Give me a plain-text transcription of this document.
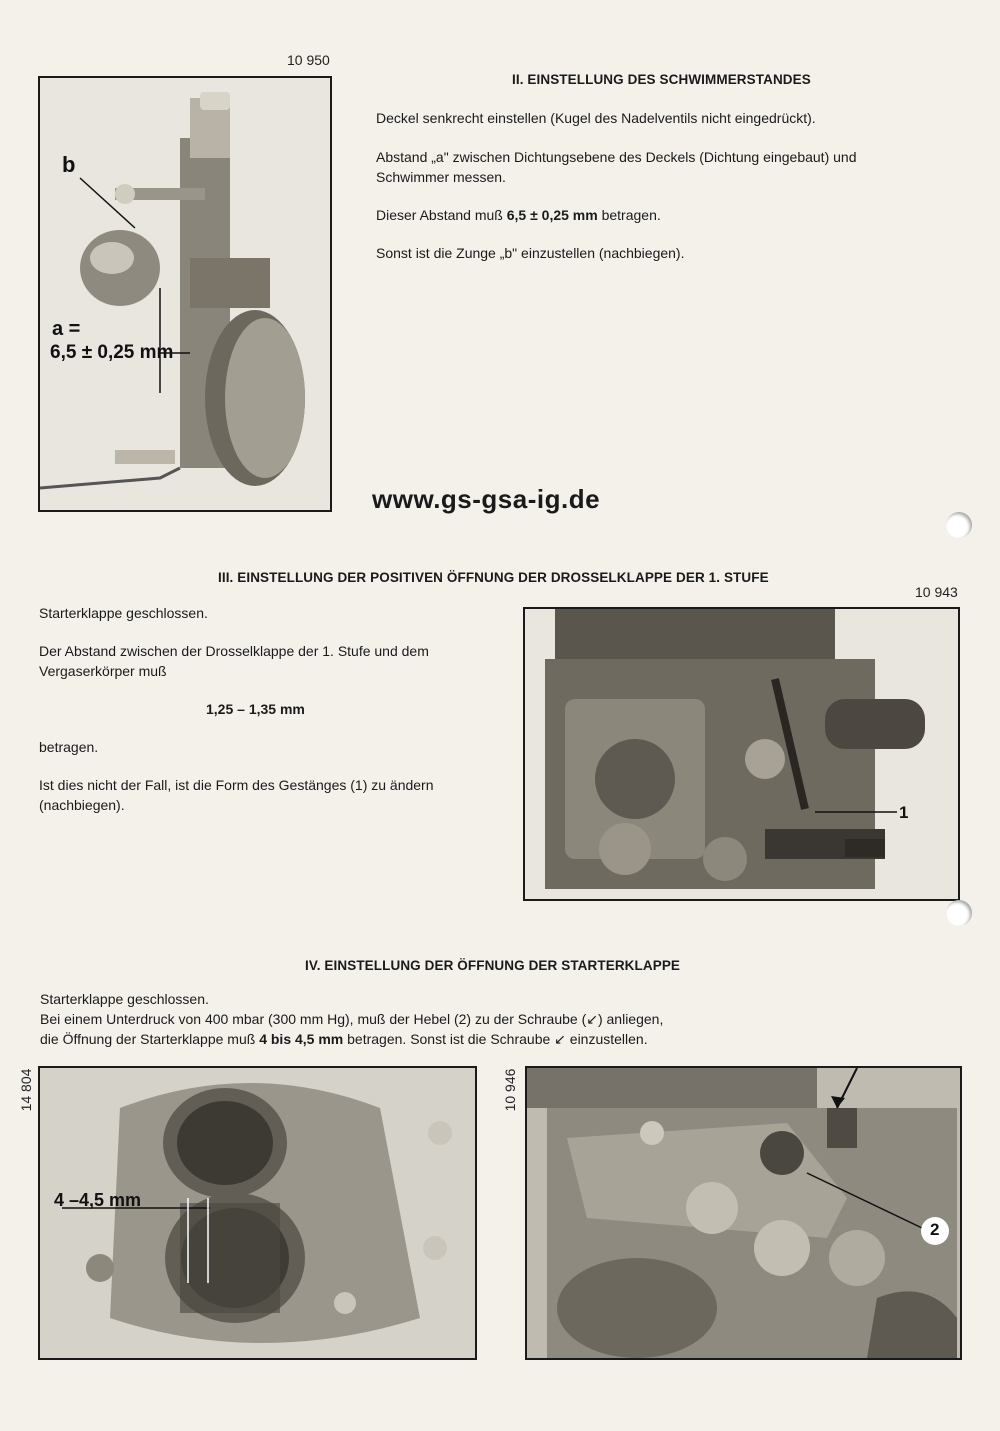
10 950
b
a =
6,5 ± 0,25 mm
II. EINSTELLUNG DES SCHWIMMERSTANDES

Deckel senkrecht einstellen (Kugel des Nadelventils nicht eingedrückt).

Abstand „a" zwischen Dichtungsebene des Deckels (Dichtung eingebaut) und Schwimmer messen.

Dieser Abstand muß 6,5 ± 0,25 mm betragen.

Sonst ist die Zunge „b" einzustellen (nachbiegen).

www.gs-gsa-ig.de
III. EINSTELLUNG DER POSITIVEN ÖFFNUNG DER DROSSELKLAPPE DER 1. STUFE
10 943

Starterklappe geschlossen.

Der Abstand zwischen der Drosselklappe der 1. Stufe und dem Vergaserkörper muß

1,25 – 1,35 mm

betragen.

Ist dies nicht der Fall, ist die Form des Gestänges (1) zu ändern (nachbiegen).	1
IV. EINSTELLUNG DER ÖFFNUNG DER STARTERKLAPPE

Starterklappe geschlossen.

Bei einem Unterdruck von 400 mbar (300 mm Hg), muß der Hebel (2) zu der Schraube (↙) anliegen,

die Öffnung der Starterklappe muß 4 bis 4,5 mm betragen. Sonst ist die Schraube ↙ einzustellen.

14 804	10 946
4 –4,5 mm
2
